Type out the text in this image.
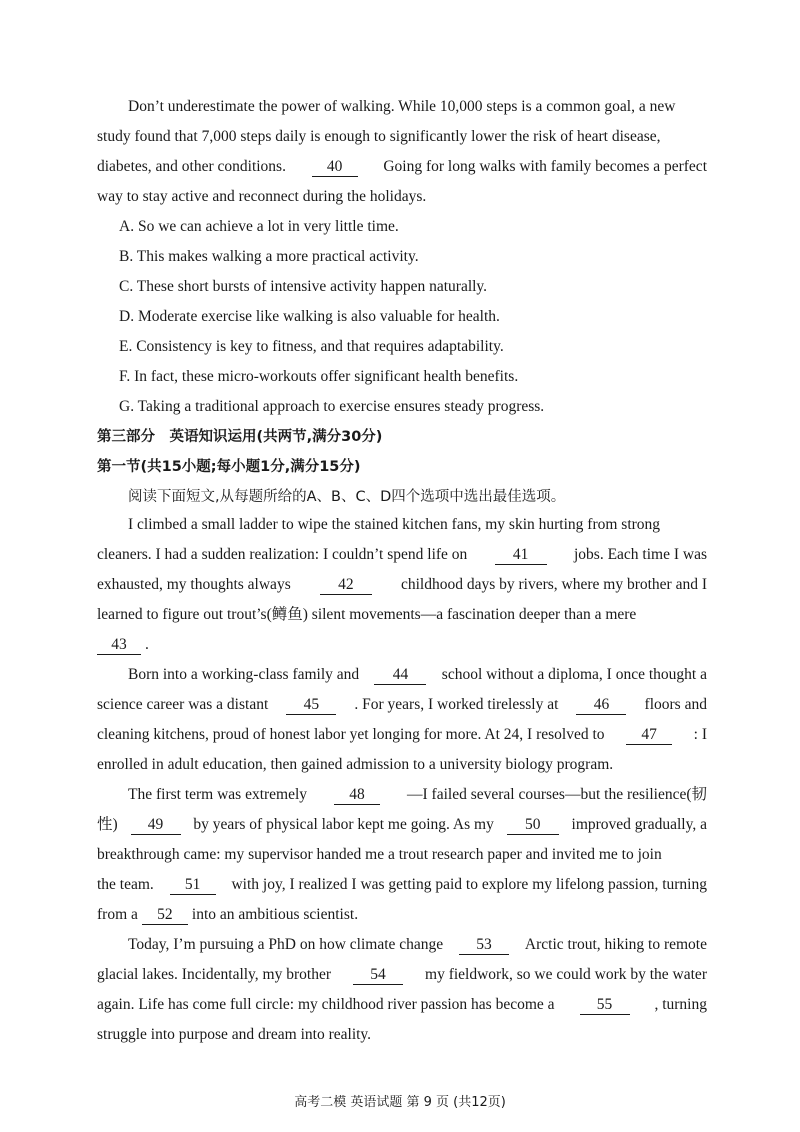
Don’t underestimate the power of walking. While 10,000 steps is a common goal, a new
study found that 7,000 steps daily is enough to significantly lower the risk of heart disease,
diabetes, and other conditions.	40	Going for long walks with family becomes a perfect
way to stay active and reconnect during the holidays.
A. So we can achieve a lot in very little time.
B. This makes walking a more practical activity.
C. These short bursts of intensive activity happen naturally.
D. Moderate exercise like walking is also valuable for health.
E. Consistency is key to fitness, and that requires adaptability.
F. In fact, these micro-workouts offer significant health benefits.
G. Taking a traditional approach to exercise ensures steady progress.
第三部分　英语知识运用(共两节,满分30分)
第一节(共15小题;每小题1分,满分15分)
阅读下面短文,从每题所给的A、B、C、D四个选项中选出最佳选项。
I climbed a small ladder to wipe the stained kitchen fans, my skin hurting from strong
cleaners. I had a sudden realization: I couldn’t spend life on	41	jobs. Each time I was
exhausted, my thoughts always	42	childhood days by rivers, where my brother and I
learned to figure out trout’s(鳟鱼) silent movements—a fascination deeper than a mere
43	.
Born into a working-class family and	44	school without a diploma, I once thought a
science career was a distant	45	. For years, I worked tirelessly at	46	floors and
cleaning kitchens, proud of honest labor yet longing for more. At 24, I resolved to	47	: I
enrolled in adult education, then gained admission to a university biology program.
The first term was extremely	48	—I failed several courses—but the resilience(韧
性)	49	by years of physical labor kept me going. As my	50	improved gradually, a
breakthrough came: my supervisor handed me a trout research paper and invited me to join
the team.	51	with joy, I realized I was getting paid to explore my lifelong passion, turning
from a	52	into an ambitious scientist.
Today, I’m pursuing a PhD on how climate change	53	Arctic trout, hiking to remote
glacial lakes. Incidentally, my brother	54	my fieldwork, so we could work by the water
again. Life has come full circle: my childhood river passion has become a	55	, turning
struggle into purpose and dream into reality.
高考二模 英语试题 第 9 页 (共12页)
